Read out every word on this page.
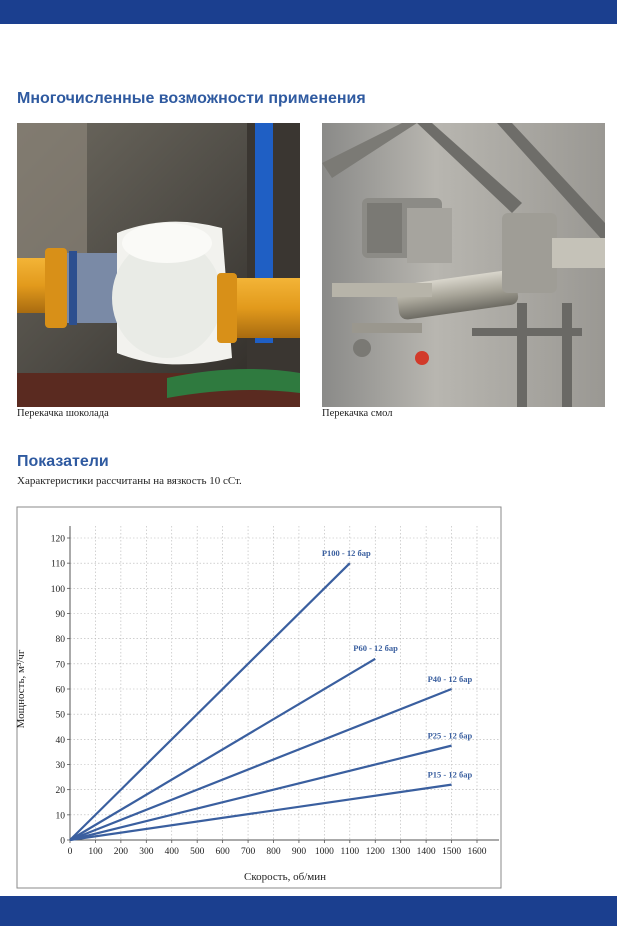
Многочисленные возможности применения
Перекачка шоколада	Перекачка смол
Показатели
Характеристики рассчитаны на вязкость 10 сСт.
0 100 200 300 400 500 600 700 800 900 1000 1100 1200 1300 1400 1500 1600
0
10
20
30
40
50
60
70
80
90
100
110
120
Скорость, об/мин
Мощность, м³/чг
P100 - 12 бар
P60 - 12 бар
P40 - 12 бар
P25 - 12 бар
P15 - 12 бар
